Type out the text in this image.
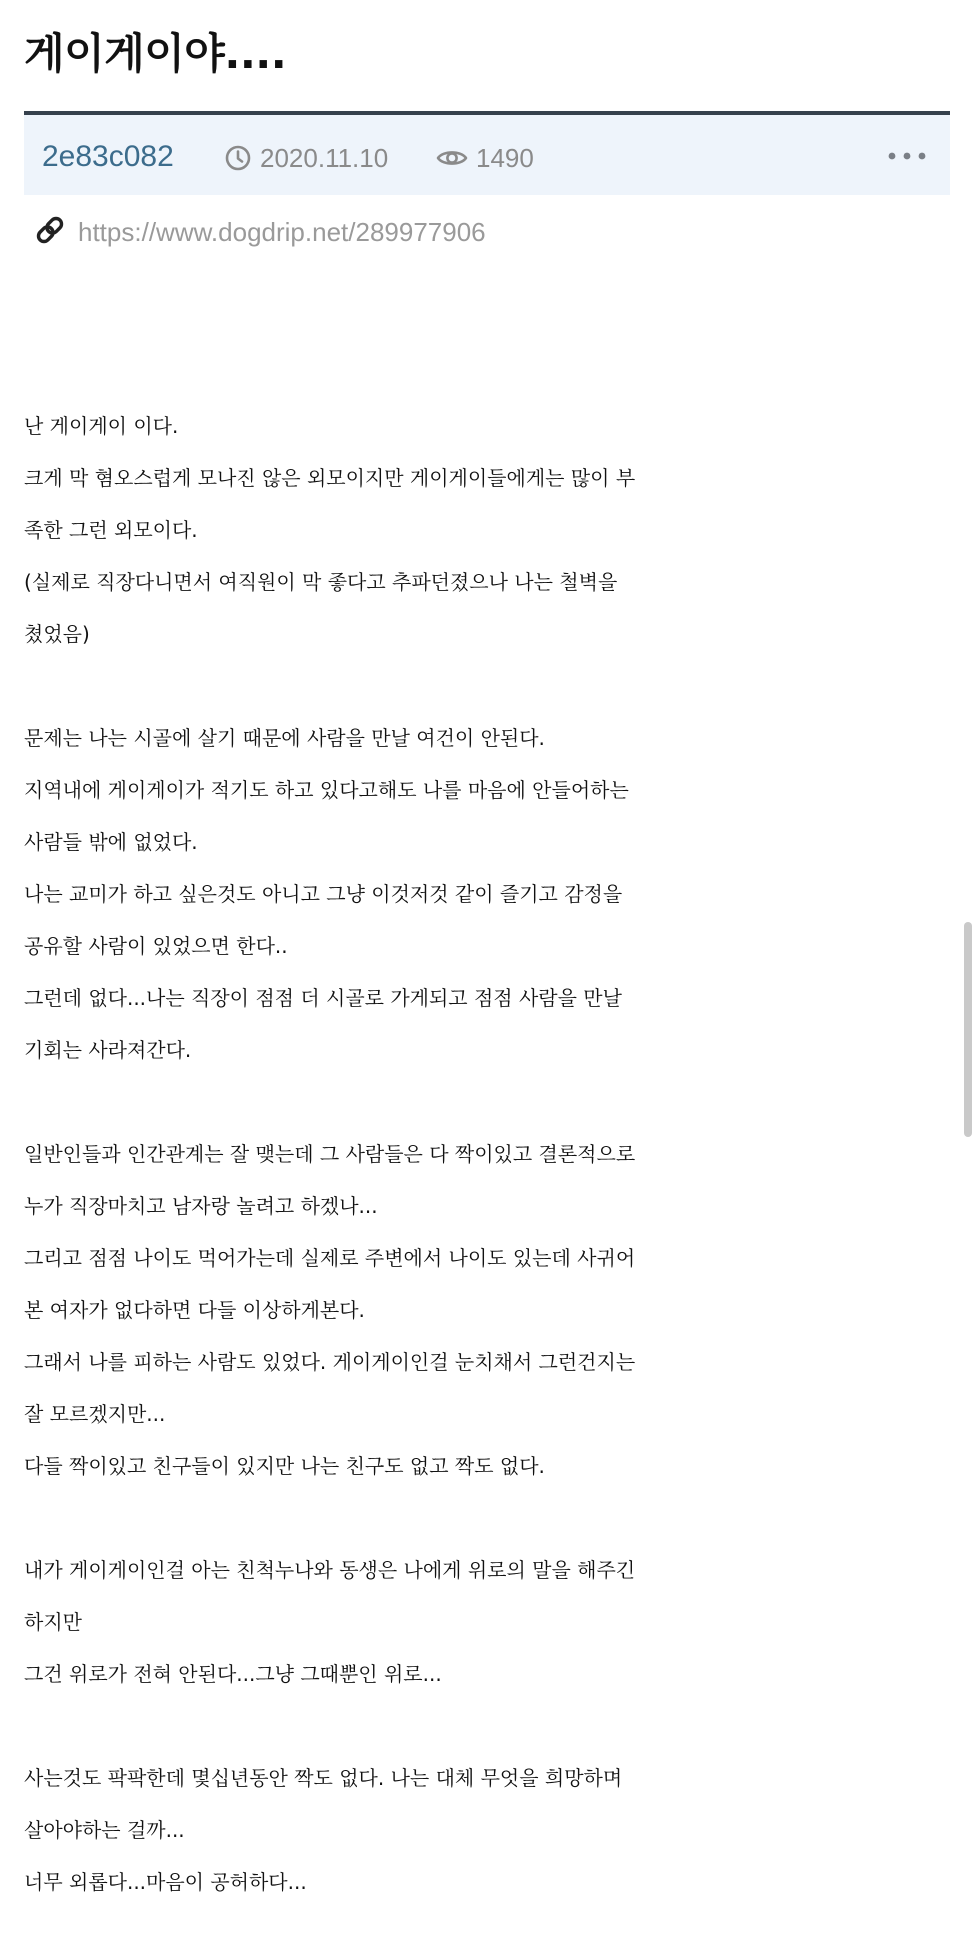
게이게이야....
2e83c082	2020.11.10	1490
https://www.dogdrip.net/289977906

난 게이게이 이다.
크게 막 혐오스럽게 모나진 않은 외모이지만 게이게이들에게는 많이 부
족한 그런 외모이다.
(실제로 직장다니면서 여직원이 막 좋다고 추파던졌으나 나는 철벽을
쳤었음)

문제는 나는 시골에 살기 때문에 사람을 만날 여건이 안된다.
지역내에 게이게이가 적기도 하고 있다고해도 나를 마음에 안들어하는
사람들 밖에 없었다.
나는 교미가 하고 싶은것도 아니고 그냥 이것저것 같이 즐기고 감정을
공유할 사람이 있었으면 한다..
그런데 없다...나는 직장이 점점 더 시골로 가게되고 점점 사람을 만날
기회는 사라져간다.

일반인들과 인간관계는 잘 맺는데 그 사람들은 다 짝이있고 결론적으로
누가 직장마치고 남자랑 놀려고 하겠나...
그리고 점점 나이도 먹어가는데 실제로 주변에서 나이도 있는데 사귀어
본 여자가 없다하면 다들 이상하게본다.
그래서 나를 피하는 사람도 있었다. 게이게이인걸 눈치채서 그런건지는
잘 모르겠지만...
다들 짝이있고 친구들이 있지만 나는 친구도 없고 짝도 없다.

내가 게이게이인걸 아는 친척누나와 동생은 나에게 위로의 말을 해주긴
하지만
그건 위로가 전혀 안된다...그냥 그때뿐인 위로...

사는것도 팍팍한데 몇십년동안 짝도 없다. 나는 대체 무엇을 희망하며
살아야하는 걸까...
너무 외롭다...마음이 공허하다...
